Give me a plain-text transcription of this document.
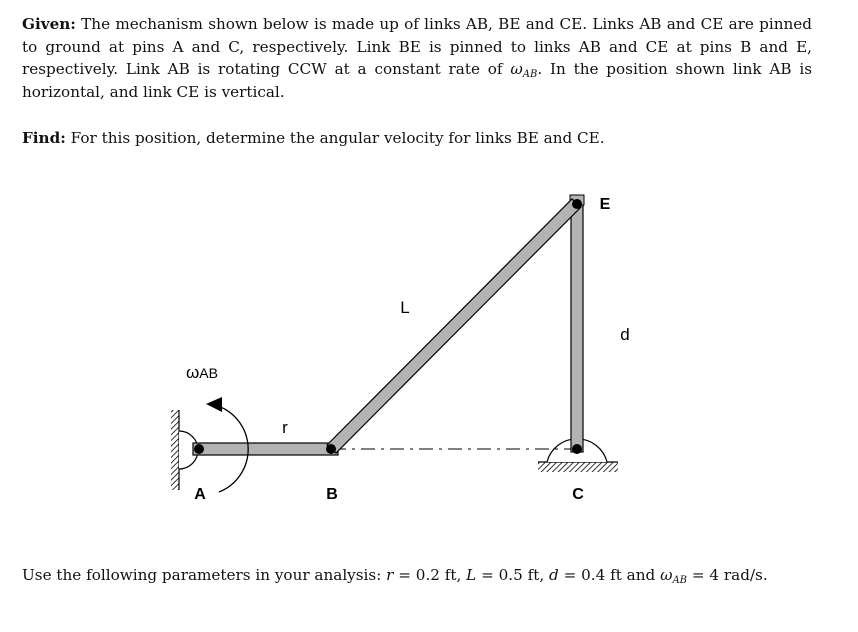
Given: The mechanism shown below is made up of links AB, BE and CE. Links AB and CE are pinned to ground at pins A and C, respectively. Link BE is pinned to links AB and CE at pins B and E, respectively. Link AB is rotating CCW at a constant rate of $\omega_{AB}$. In the position shown link AB is horizontal, and link CE is vertical.
Find: For this position, determine the angular velocity for links BE and CE.
A	B	C
E
r
L
d
ωAB
Use the following parameters in your analysis: r = 0.2 ft, L = 0.5 ft, d = 0.4 ft and $\omega_{AB} = 4$ rad/s.
